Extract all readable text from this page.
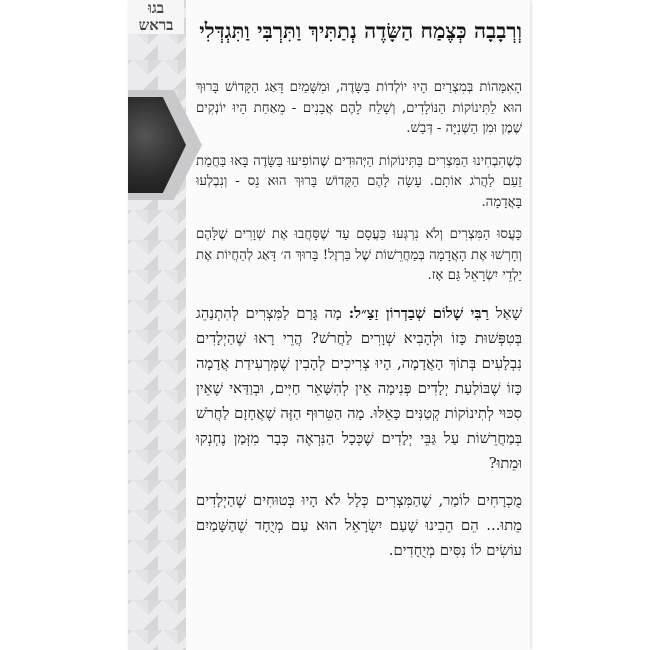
בגוּ בראש	וְרְבָבָה כְּצֶמַח הַשָּׂדֶה נְתַתִּיךְ וַתִּרְבִּי וַתִּגְדְּלִי

הָאִמָּהוֹת בְּמִצְרַיִם הָיוּ יוֹלְדוֹת בַּשָּׂדֶה, וּמִשָּׁמַיִם דָּאַג הַקָּדוֹשׁ בָּרוּךְ הוּא לַתִּינוֹקוֹת הַנּוֹלָדִים, וְשָׁלַח לָהֶם אֲבָנִים - מֵאַחַת הָיוּ יוֹנְקִים שֶׁמֶן וּמִן הַשְּׁנִיָּה - דְּבַשׁ.

כְּשֶׁהִבְחִינוּ הַמִּצְרִים בַּתִּינוֹקוֹת הַיְּהוּדִים שֶׁהוֹפִיעוּ בַּשָּׂדֶה בָּאוּ בַּחֲמַת זַעַם לַהֲרֹג אוֹתָם. עָשָׂה לָהֶם הַקָּדוֹשׁ בָּרוּךְ הוּא נֵס - וְנִבְלְעוּ בָּאֲדָמָה.

כָּעֲסוּ הַמִּצְרִים וְלֹא נִרְגְּעוּ כַּעֲסָם עַד שֶׁסָּחֲבוּ אֶת שְׁוָרִים שֶׁלָּהֶם וְחָרְשׁוּ אֶת הָאֲדָמָה בְּמַחֲרֵשׁוֹת שֶׁל בַּרְזֶל! בָּרוּךְ ה׳ דָּאַג לְהַחֲיוֹת אֶת יַלְדֵי יִשְׂרָאֵל גַּם אָז.

שָׁאַל רַבִּי שָׁלוֹם שְׁבַדְרוֹן זַצַ״ל: מָה גָּרַם לַמִּצְרִים לְהִתְנַהֵג בְּטִפְּשׁוּת כָּזוֹ וּלְהָבִיא שְׁוָרִים לַחֲרֹשׁ? הֲרֵי רָאוּ שֶׁהַיְלָדִים נִבְלָעִים בְּתוֹךְ הָאֲדָמָה, הָיוּ צְרִיכִים לְהָבִין שֶׁמְּרְעִידַת אֲדָמָה כָּזוֹ שֶׁבּוֹלַעַת יְלָדִים פְּנִימָה אֵין לְהִשָּׁאֵר חַיִּים, וּבְוַדַּאי שֶׁאֵין סִכּוּי לְתִינוֹקוֹת קְטַנִּים כָּאֵלּוּ. מָה הַטֵּרוּף הַזֶּה שֶׁאֲחָזָם לַחֲרֹשׁ בְּמַחֲרֵשׁוֹת עַל גַּבֵּי יְלָדִים שֶׁכְּכָל הַנִּרְאֶה כְּבָר מִזְּמַן נֶחְנְקוּ וּמֵתוּ?

מֻכְרָחִים לוֹמַר, שֶׁהַמִּצְרִים כְּלָל לֹא הָיוּ בְּטוּחִים שֶׁהַיְלָדִים מֵתוּ... הֵם הֵבִינוּ שֶׁעַם יִשְׂרָאֵל הוּא עַם מְיֻחָד שֶׁהַשָּׁמַיִם עוֹשִׂים לוֹ נִסִּים מְיֻחָדִים.
